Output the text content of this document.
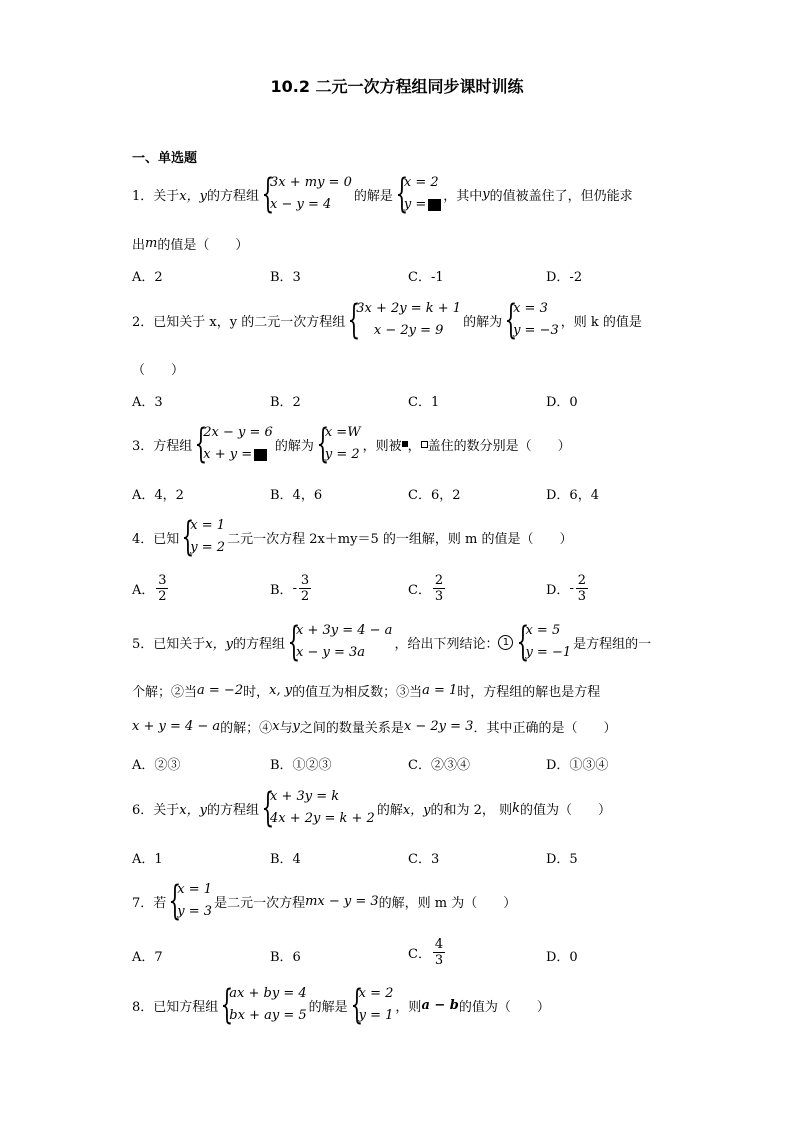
10.2 二元一次方程组同步课时训练
一、单选题
1．关于 x，y 的方程组 {
3x + my = 0
x − y = 4
的解是 {
x = 2
y =
，其中 y 的值被盖住了，但仍能求
出 m 的值是（　　）
A．2	B．3	C．-1	D．-2
2．已知关于 x，y 的二元一次方程组 {
3x + 2y = k + 1
x − 2y = 9
的解为 {
x = 3
y = −3
，则 k 的值是
（　　）
A．3	B．2	C．1	D．0
3．方程组 {
2x − y = 6
x + y =
的解为 {
x =W
y = 2
，则被 ， 盖住的数分别是（　　）
A．4，2	B．4，6	C．6，2	D．6，4
4．已知 {
x = 1
y = 2
二元一次方程 2x＋my＝5 的一组解，则 m 的值是（　　）
A． $\frac{3}{2}$	B． - $\frac{3}{2}$	C． $\frac{2}{3}$	D． - $\frac{2}{3}$
5．已知关于 x，y 的方程组 {
x + 3y = 4 − a
x − y = 3a
，给出下列结论： 1 {
x = 5
y = −1
是方程组的一
个解；②当 a = −2 时， x, y 的值互为相反数；③当 a = 1 时，方程组的解也是方程
x + y = 4 − a 的解；④ x 与 y 之间的数量关系是 x − 2y = 3 ．其中正确的是（　　）
A．②③	B．①②③	C．②③④	D．①③④
6．关于 x，y 的方程组 {
x + 3y = k
4x + 2y = k + 2
的解 x，y 的和为 2， 则 k 的值为（　　）
A．1	B．4	C．3	D．5
7．若 {
x = 1
y = 3
是二元一次方程 mx − y = 3 的解，则 m 为（　　）
A．7	B．6	C． $\frac{4}{3}$	D．0
8．已知方程组 {
ax + by = 4
bx + ay = 5
的解是 {
x = 2
y = 1
，则 a − b 的值为（　　）
